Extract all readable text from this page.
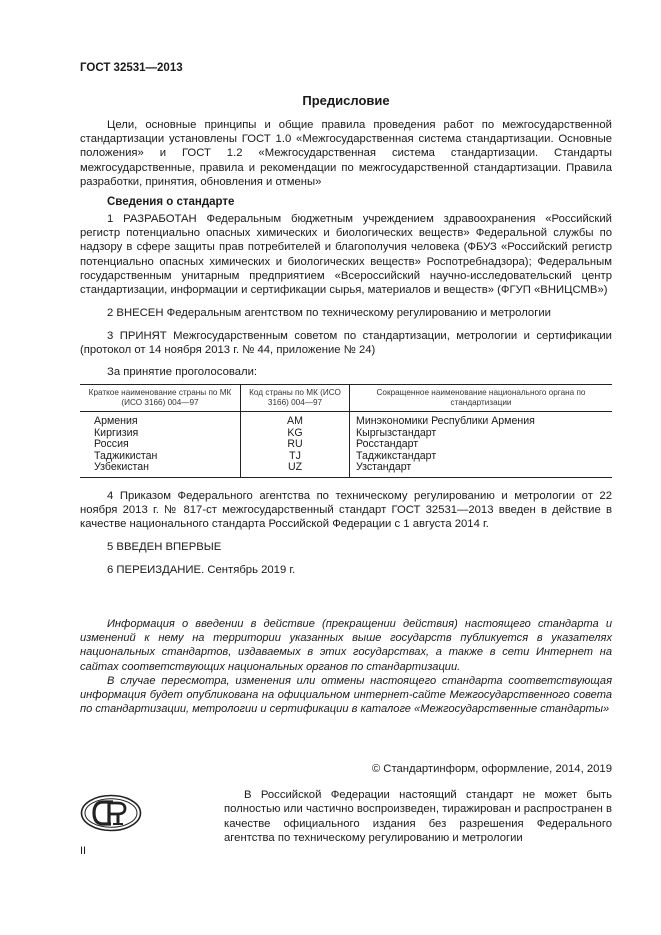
ГОСТ 32531—2013
Предисловие

Цели, основные принципы и общие правила проведения работ по межгосударственной стандартизации установлены ГОСТ 1.0 «Межгосударственная система стандартизации. Основные положения» и ГОСТ 1.2 «Межгосударственная система стандартизации. Стандарты межгосударственные, правила и рекомендации по межгосударственной стандартизации. Правила разработки, принятия, обновления и отмены»

Сведения о стандарте

1 РАЗРАБОТАН Федеральным бюджетным учреждением здравоохранения «Российский регистр потенциально опасных химических и биологических веществ» Федеральной службы по надзору в сфере защиты прав потребителей и благополучия человека (ФБУЗ «Российский регистр потенциально опасных химических и биологических веществ» Роспотребнадзора); Федеральным государственным унитарным предприятием «Всероссийский научно-исследовательский центр стандартизации, информации и сертификации сырья, материалов и веществ» (ФГУП «ВНИЦСМВ»)

2 ВНЕСЕН Федеральным агентством по техническому регулированию и метрологии

3 ПРИНЯТ Межгосударственным советом по стандартизации, метрологии и сертификации (протокол от 14 ноября 2013 г. № 44, приложение № 24)

За принятие проголосовали:

Краткое наименование страны по МК (ИСО 3166) 004—97	Код страны по МК (ИСО 3166) 004—97	Сокращенное наименование национального органа по стандартизации
Армения	AM	Минэкономики Республики Армения
Киргизия	KG	Кыргызстандарт
Россия	RU	Росстандарт
Таджикистан	TJ	Таджикстандарт
Узбекистан	UZ	Узстандарт

4 Приказом Федерального агентства по техническому регулированию и метрологии от 22 ноября 2013 г. № 817-ст межгосударственный стандарт ГОСТ 32531—2013 введен в действие в качестве национального стандарта Российской Федерации с 1 августа 2014 г.

5 ВВЕДЕН ВПЕРВЫЕ

6 ПЕРЕИЗДАНИЕ. Сентябрь 2019 г.

Информация о введении в действие (прекращении действия) настоящего стандарта и изменений к нему на территории указанных выше государств публикуется в указателях национальных стандартов, издаваемых в этих государствах, а также в сети Интернет на сайтах соответствующих национальных органов по стандартизации.

В случае пересмотра, изменения или отмены настоящего стандарта соответствующая информация будет опубликована на официальном интернет-сайте Межгосударственного совета по стандартизации, метрологии и сертификации в каталоге «Межгосударственные стандарты»

© Стандартинформ, оформление, 2014, 2019

В Российской Федерации настоящий стандарт не может быть полностью или частично воспроизведен, тиражирован и распространен в качестве официального издания без разрешения Федерального агентства по техническому регулированию и метрологии

II
